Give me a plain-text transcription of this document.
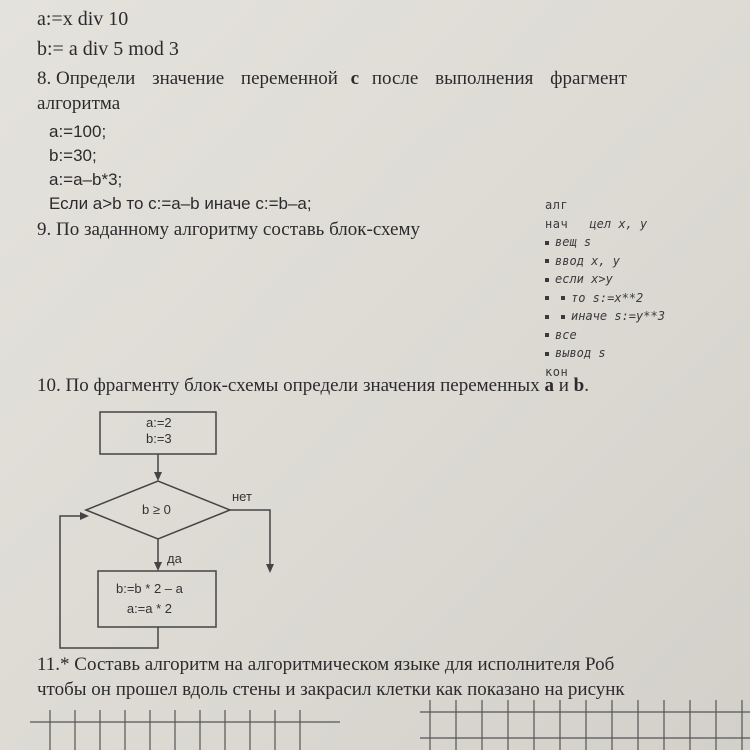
a:=x div 10
b:= a div 5 mod 3
8. Определи значение переменной c после выполнения фрагмент
алгоритма
a:=100;
b:=30;
a:=a–b*3;
Если a>b то c:=a–b иначе c:=b–a;
9. По заданному алгоритму составь блок-схему
алг
нач цел x, y
вещ s
ввод x, y
если x>y
то s:=x**2
иначе s:=y**3
все
вывод s
кон
10. По фрагменту блок-схемы определи значения переменных a и b.
a:=2
b:=3
b ≥ 0
нет
да
b:=b * 2 – a
a:=a * 2
11.* Составь алгоритм на алгоритмическом языке для исполнителя Роб
чтобы он прошел вдоль стены и закрасил клетки как показано на рисунк
